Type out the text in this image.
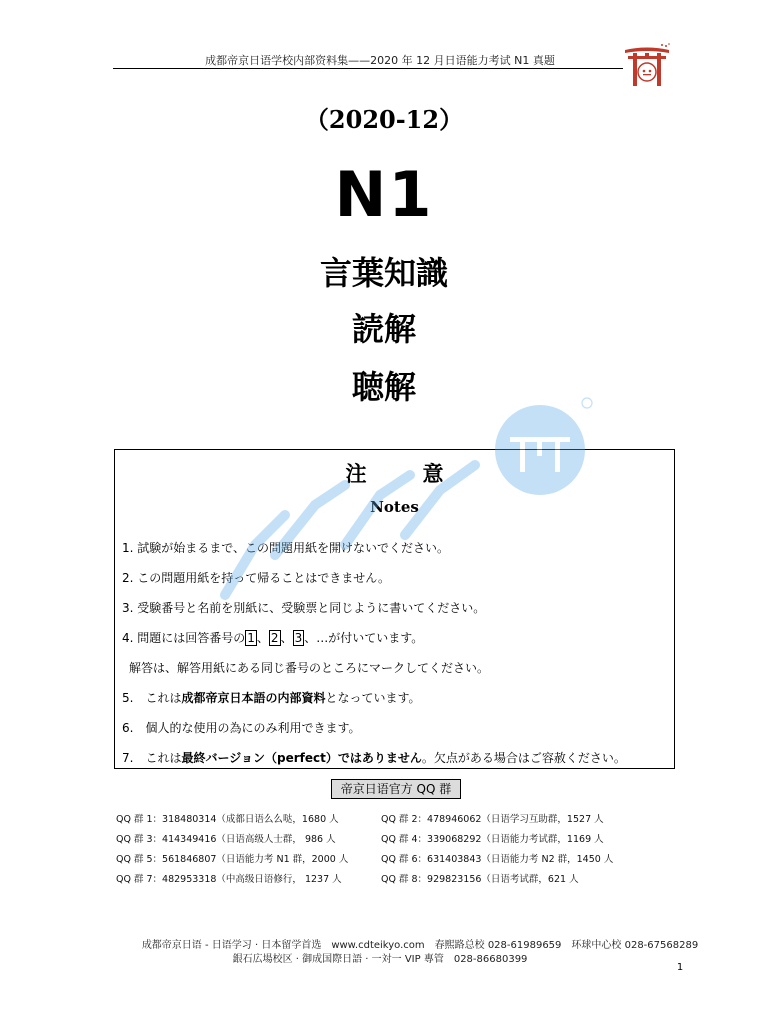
成都帝京日语学校内部资料集——2020 年 12 月日语能力考试 N1 真题
（2020-12）
N1
言葉知識
読解
聴解
注	意
Notes
1. 試験が始まるまで、この問題用紙を開けないでください。
2. この問題用紙を持って帰ることはできません。
3. 受験番号と名前を別紙に、受験票と同じように書いてください。
4. 問題には回答番号の 1 、 2 、 3 、…が付いています。
解答は、解答用紙にある同じ番号のところにマークしてください。
5.　これは成都帝京日本語の内部資料となっています。
6.　個人的な使用の為にのみ利用できます。
7.　これは最終バージョン（perfect）ではありません。欠点がある場合はご容赦ください。
帝京日语官方 QQ 群
QQ 群 1：318480314（成都日语么么哒，1680 人	QQ 群 2：478946062（日语学习互助群，1527 人
QQ 群 3：414349416（日语高级人士群， 986 人	QQ 群 4：339068292（日语能力考试群，1169 人
QQ 群 5：561846807（日语能力考 N1 群，2000 人	QQ 群 6：631403843（日语能力考 N2 群，1450 人
QQ 群 7：482953318（中高级日语修行， 1237 人	QQ 群 8：929823156（日语考试群，621 人
成都帝京日语 - 日语学习 · 日本留学首选　www.cdteikyo.com　春熙路总校 028-61989659　环球中心校 028-67568289
銀石広場校区 · 御成国際日語 · 一対一 VIP 專管　028-86680399
1
